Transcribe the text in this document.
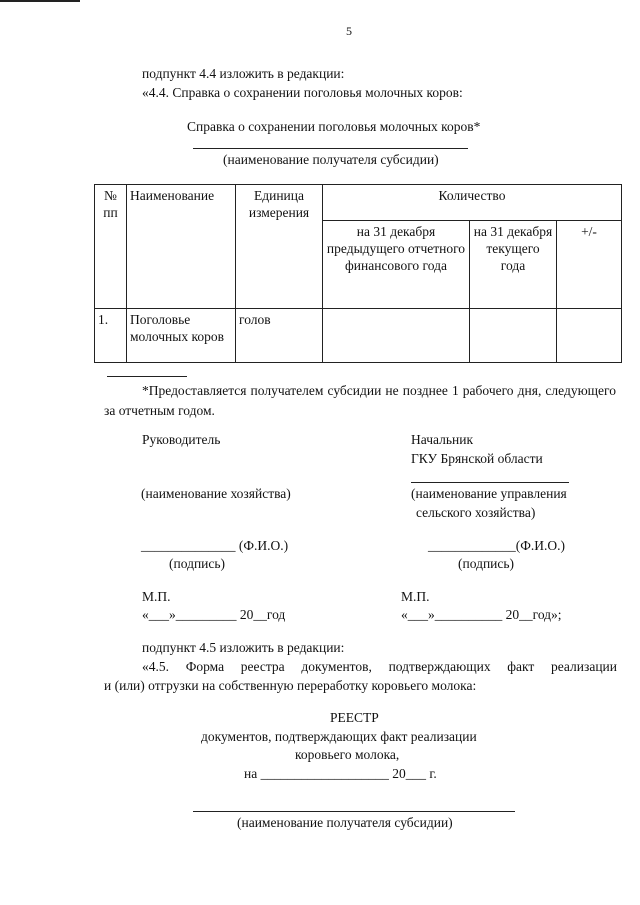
5
подпункт 4.4 изложить в редакции:
«4.4. Справка о сохранении поголовья молочных коров:
Справка о сохранении поголовья молочных коров*
(наименование получателя субсидии)
№ пп	Наименование	Единица измерения	Количество		
			на 31 декабря предыдущего отчетного финансового года	на 31 декабря текущего года	+/-
1.	Поголовье молочных коров	голов			
*Предоставляется получателем субсидии не позднее 1 рабочего дня, следующего за отчетным годом.
Руководитель	Начальник
ГКУ Брянской области
(наименование хозяйства)	(наименование управления
сельского хозяйства)
______________ (Ф.И.О.)	_____________(Ф.И.О.)
(подпись)	(подпись)
М.П.	М.П.
«___»_________ 20__год	«___»__________ 20__год»;
подпункт 4.5 изложить в редакции:
«4.5. Форма реестра документов, подтверждающих факт реализации
и (или) отгрузки на собственную переработку коровьего молока:
РЕЕСТР
документов, подтверждающих факт реализации
коровьего молока,
на ___________________ 20___ г.
(наименование получателя субсидии)
